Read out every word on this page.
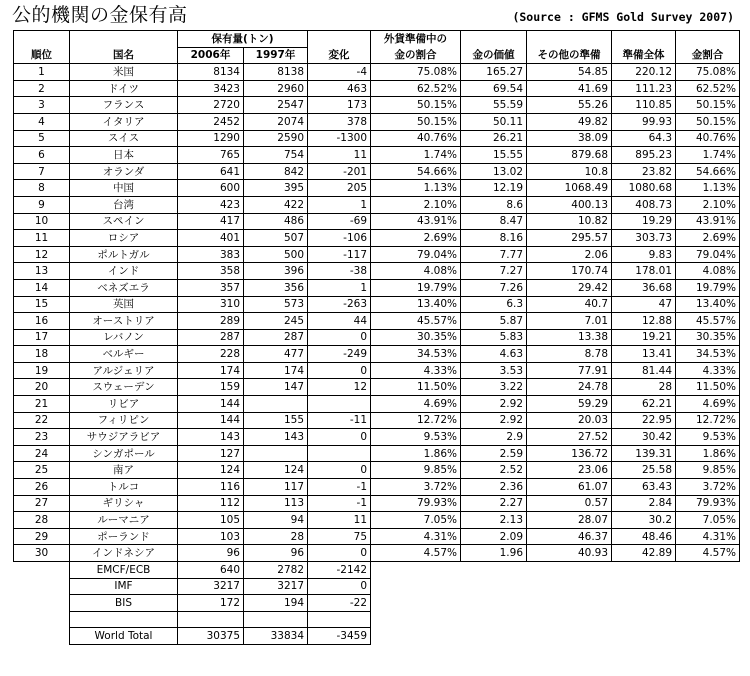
公的機関の金保有高	(Source : GFMS Gold Survey 2007)
		保有量(トン)			外貨準備中の				
順位	国名	2006年	1997年	変化	金の割合	金の価値	その他の準備	準備全体	金割合
1	米国	8134	8138	-4	75.08%	165.27	54.85	220.12	75.08%
2	ドイツ	3423	2960	463	62.52%	69.54	41.69	111.23	62.52%
3	フランス	2720	2547	173	50.15%	55.59	55.26	110.85	50.15%
4	イタリア	2452	2074	378	50.15%	50.11	49.82	99.93	50.15%
5	スイス	1290	2590	-1300	40.76%	26.21	38.09	64.3	40.76%
6	日本	765	754	11	1.74%	15.55	879.68	895.23	1.74%
7	オランダ	641	842	-201	54.66%	13.02	10.8	23.82	54.66%
8	中国	600	395	205	1.13%	12.19	1068.49	1080.68	1.13%
9	台湾	423	422	1	2.10%	8.6	400.13	408.73	2.10%
10	スペイン	417	486	-69	43.91%	8.47	10.82	19.29	43.91%
11	ロシア	401	507	-106	2.69%	8.16	295.57	303.73	2.69%
12	ポルトガル	383	500	-117	79.04%	7.77	2.06	9.83	79.04%
13	インド	358	396	-38	4.08%	7.27	170.74	178.01	4.08%
14	ベネズエラ	357	356	1	19.79%	7.26	29.42	36.68	19.79%
15	英国	310	573	-263	13.40%	6.3	40.7	47	13.40%
16	オーストリア	289	245	44	45.57%	5.87	7.01	12.88	45.57%
17	レバノン	287	287	0	30.35%	5.83	13.38	19.21	30.35%
18	ベルギー	228	477	-249	34.53%	4.63	8.78	13.41	34.53%
19	アルジェリア	174	174	0	4.33%	3.53	77.91	81.44	4.33%
20	スウェーデン	159	147	12	11.50%	3.22	24.78	28	11.50%
21	リビア	144			4.69%	2.92	59.29	62.21	4.69%
22	フィリピン	144	155	-11	12.72%	2.92	20.03	22.95	12.72%
23	サウジアラビア	143	143	0	9.53%	2.9	27.52	30.42	9.53%
24	シンガポール	127			1.86%	2.59	136.72	139.31	1.86%
25	南ア	124	124	0	9.85%	2.52	23.06	25.58	9.85%
26	トルコ	116	117	-1	3.72%	2.36	61.07	63.43	3.72%
27	ギリシャ	112	113	-1	79.93%	2.27	0.57	2.84	79.93%
28	ルーマニア	105	94	11	7.05%	2.13	28.07	30.2	7.05%
29	ポーランド	103	28	75	4.31%	2.09	46.37	48.46	4.31%
30	インドネシア	96	96	0	4.57%	1.96	40.93	42.89	4.57%
	EMCF/ECB	640	2782	-2142					
	IMF	3217	3217	0					
	BIS	172	194	-22					

	World Total	30375	33834	-3459					
